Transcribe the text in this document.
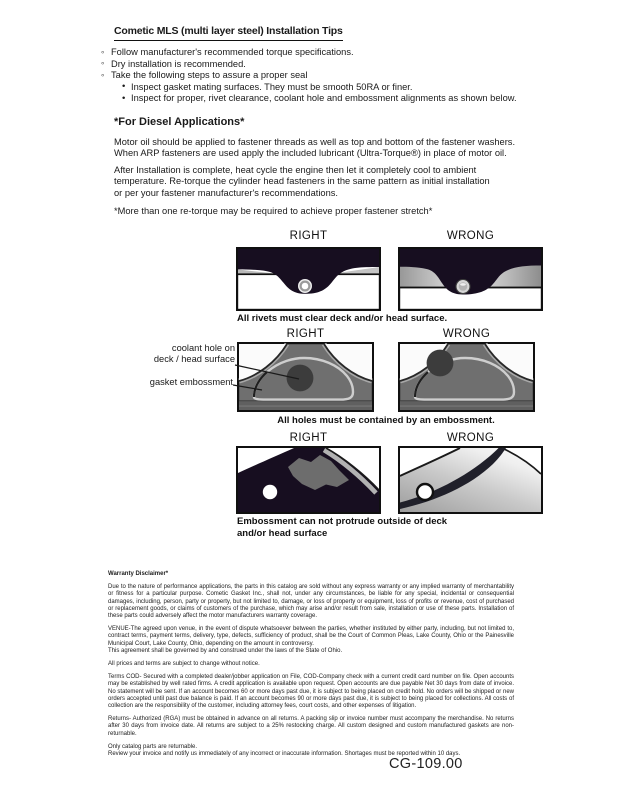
Cometic MLS (multi layer steel) Installation Tips
◦ Follow manufacturer's recommended torque specifications.
◦ Dry installation is recommended.
◦ Take the following steps to assure a proper seal
• Inspect gasket mating surfaces. They must be smooth 50RA or finer.
• Inspect for proper, rivet clearance, coolant hole and embossment alignments as shown below.
*For Diesel Applications*
Motor oil should be applied to fastener threads as well as top and bottom of the fastener washers.
When ARP fasteners are used apply the included lubricant (Ultra-Torque®) in place of motor oil.
After Installation is complete, heat cycle the engine then let it completely cool to ambient
temperature. Re-torque the cylinder head fasteners in the same pattern as initial installation
or per your fastener manufacturer's recommendations.
*More than one re-torque may be required to achieve proper fastener stretch*
RIGHT	WRONG
All rivets must clear deck and/or head surface.
RIGHT	WRONG
coolant hole on
deck / head surface
gasket embossment
All holes must be contained by an embossment.
RIGHT	WRONG
Embossment can not protrude outside of deck
and/or head surface

Warranty Disclaimer*

Due to the nature of performance applications, the parts in this catalog are sold without any express warranty or any implied warranty of merchantability or fitness for a particular purpose. Cometic Gasket Inc., shall not, under any circumstances, be liable for any special, incidental or consequential damages, including, person, party or property, but not limited to, damage, or loss of property or equipment, loss of profits or revenue, cost of purchased or replacement goods, or claims of customers of the purchase, which may arise and/or result from sale, installation or use of these parts. Installation of these parts could adversely affect the motor manufacturers warranty coverage.

VENUE-The agreed upon venue, in the event of dispute whatsoever between the parties, whether instituted by either party, including, but not limited to, contract terms, payment terms, delivery, type, defects, sufficiency of product, shall be the Court of Common Pleas, Lake County, Ohio or the Painesville Municipal Court, Lake County, Ohio, depending on the amount in controversy.

This agreement shall be governed by and construed under the laws of the State of Ohio.

All prices and terms are subject to change without notice.

Terms COD- Secured with a completed dealer/jobber application on File, COD-Company check with a current credit card number on file. Open accounts may be established by well rated firms. A credit application is available upon request. Open accounts are due payable Net 30 days from date of invoice. No statement will be sent. If an account becomes 60 or more days past due, it is subject to being placed on credit hold. No orders will be shipped or new orders accepted until past due balance is paid. If an account becomes 90 or more days past due, it is subject to being placed for collections. All costs of collection are the responsibility of the customer, including attorney fees, court costs, and other expenses of litigation.

Returns- Authorized (RGA) must be obtained in advance on all returns. A packing slip or invoice number must accompany the merchandise. No returns after 30 days from invoice date. All returns are subject to a 25% restocking charge. All custom designed and custom manufactured gaskets are non-returnable.

Only catalog parts are returnable.

Review your invoice and notify us immediately of any incorrect or inaccurate information. Shortages must be reported within 10 days.

CG-109.00
